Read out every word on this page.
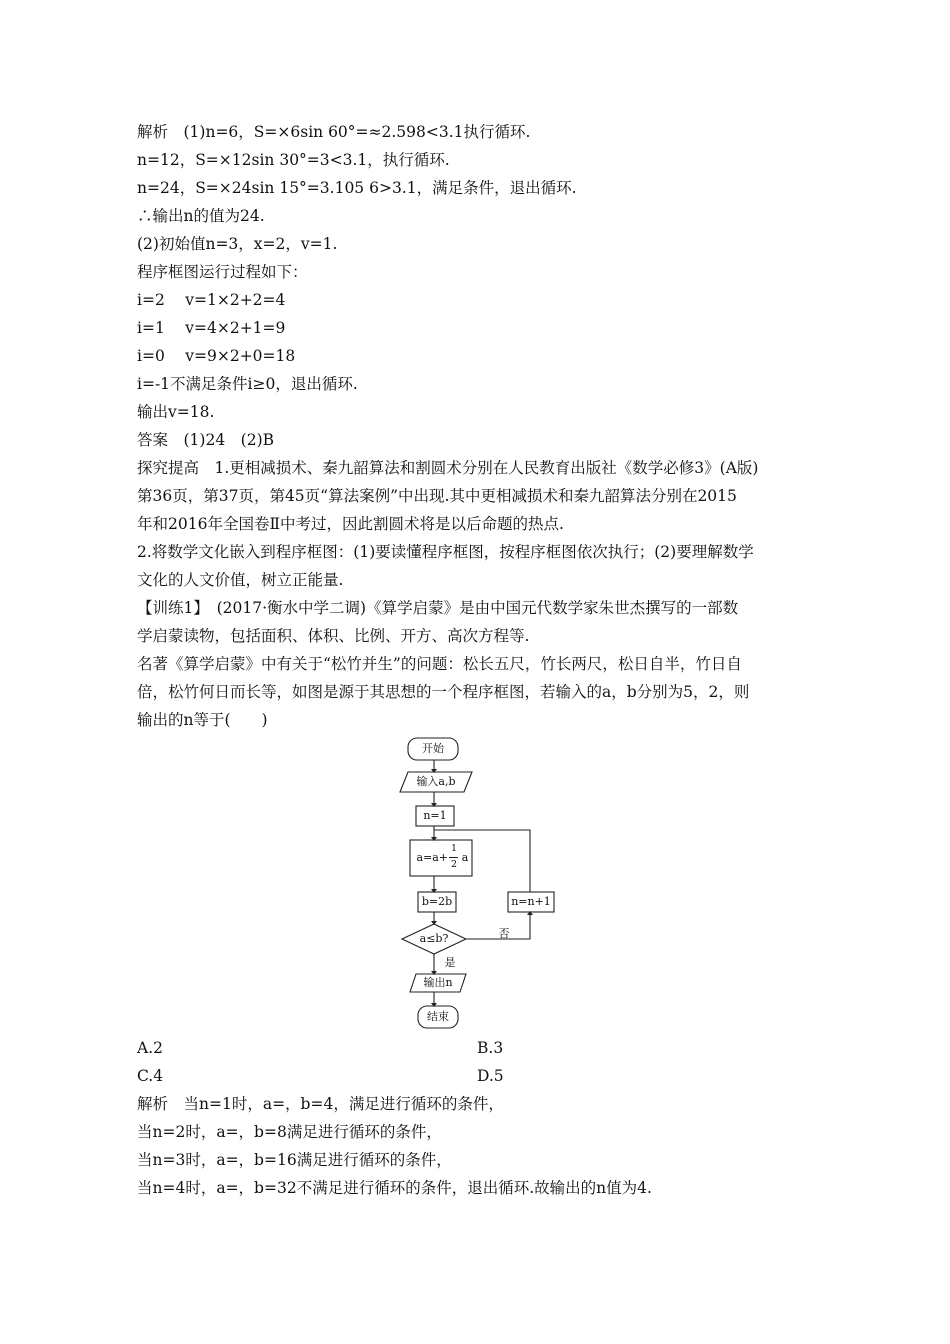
解析　(1)n=6，S=×6sin 60°=≈2.598<3.1执行循环.
n=12，S=×12sin 30°=3<3.1，执行循环.
n=24，S=×24sin 15°=3.105 6>3.1，满足条件，退出循环.
∴输出n的值为24.
(2)初始值n=3，x=2，v=1.
程序框图运行过程如下：
i=2　 v=1×2+2=4
i=1　 v=4×2+1=9
i=0　 v=9×2+0=18
i=-1不满足条件i≥0，退出循环.
输出v=18.
答案　(1)24　(2)B
探究提高　1.更相减损术、秦九韶算法和割圆术分别在人民教育出版社《数学必修3》(A版)
第36页，第37页，第45页“算法案例”中出现.其中更相减损术和秦九韶算法分别在2015
年和2016年全国卷Ⅱ中考过，因此割圆术将是以后命题的热点.
2.将数学文化嵌入到程序框图：(1)要读懂程序框图，按程序框图依次执行；(2)要理解数学
文化的人文价值，树立正能量.
【训练1】　(2017·衡水中学二调)《算学启蒙》是由中国元代数学家朱世杰撰写的一部数
学启蒙读物，包括面积、体积、比例、开方、高次方程等.
名著《算学启蒙》中有关于“松竹并生”的问题：松长五尺，竹长两尺，松日自半，竹日自
倍，松竹何日而长等，如图是源于其思想的一个程序框图，若输入的a，b分别为5，2，则
输出的n等于(　　)
开始
输入a,b
n=1
a=a+
1
2
a
b=2b
a≤b?	否
n=n+1
是
输出n
结束
A.2	B.3
C.4	D.5
解析　当n=1时，a=，b=4，满足进行循环的条件，
当n=2时，a=，b=8满足进行循环的条件，
当n=3时，a=，b=16满足进行循环的条件，
当n=4时，a=，b=32不满足进行循环的条件，退出循环.故输出的n值为4.
